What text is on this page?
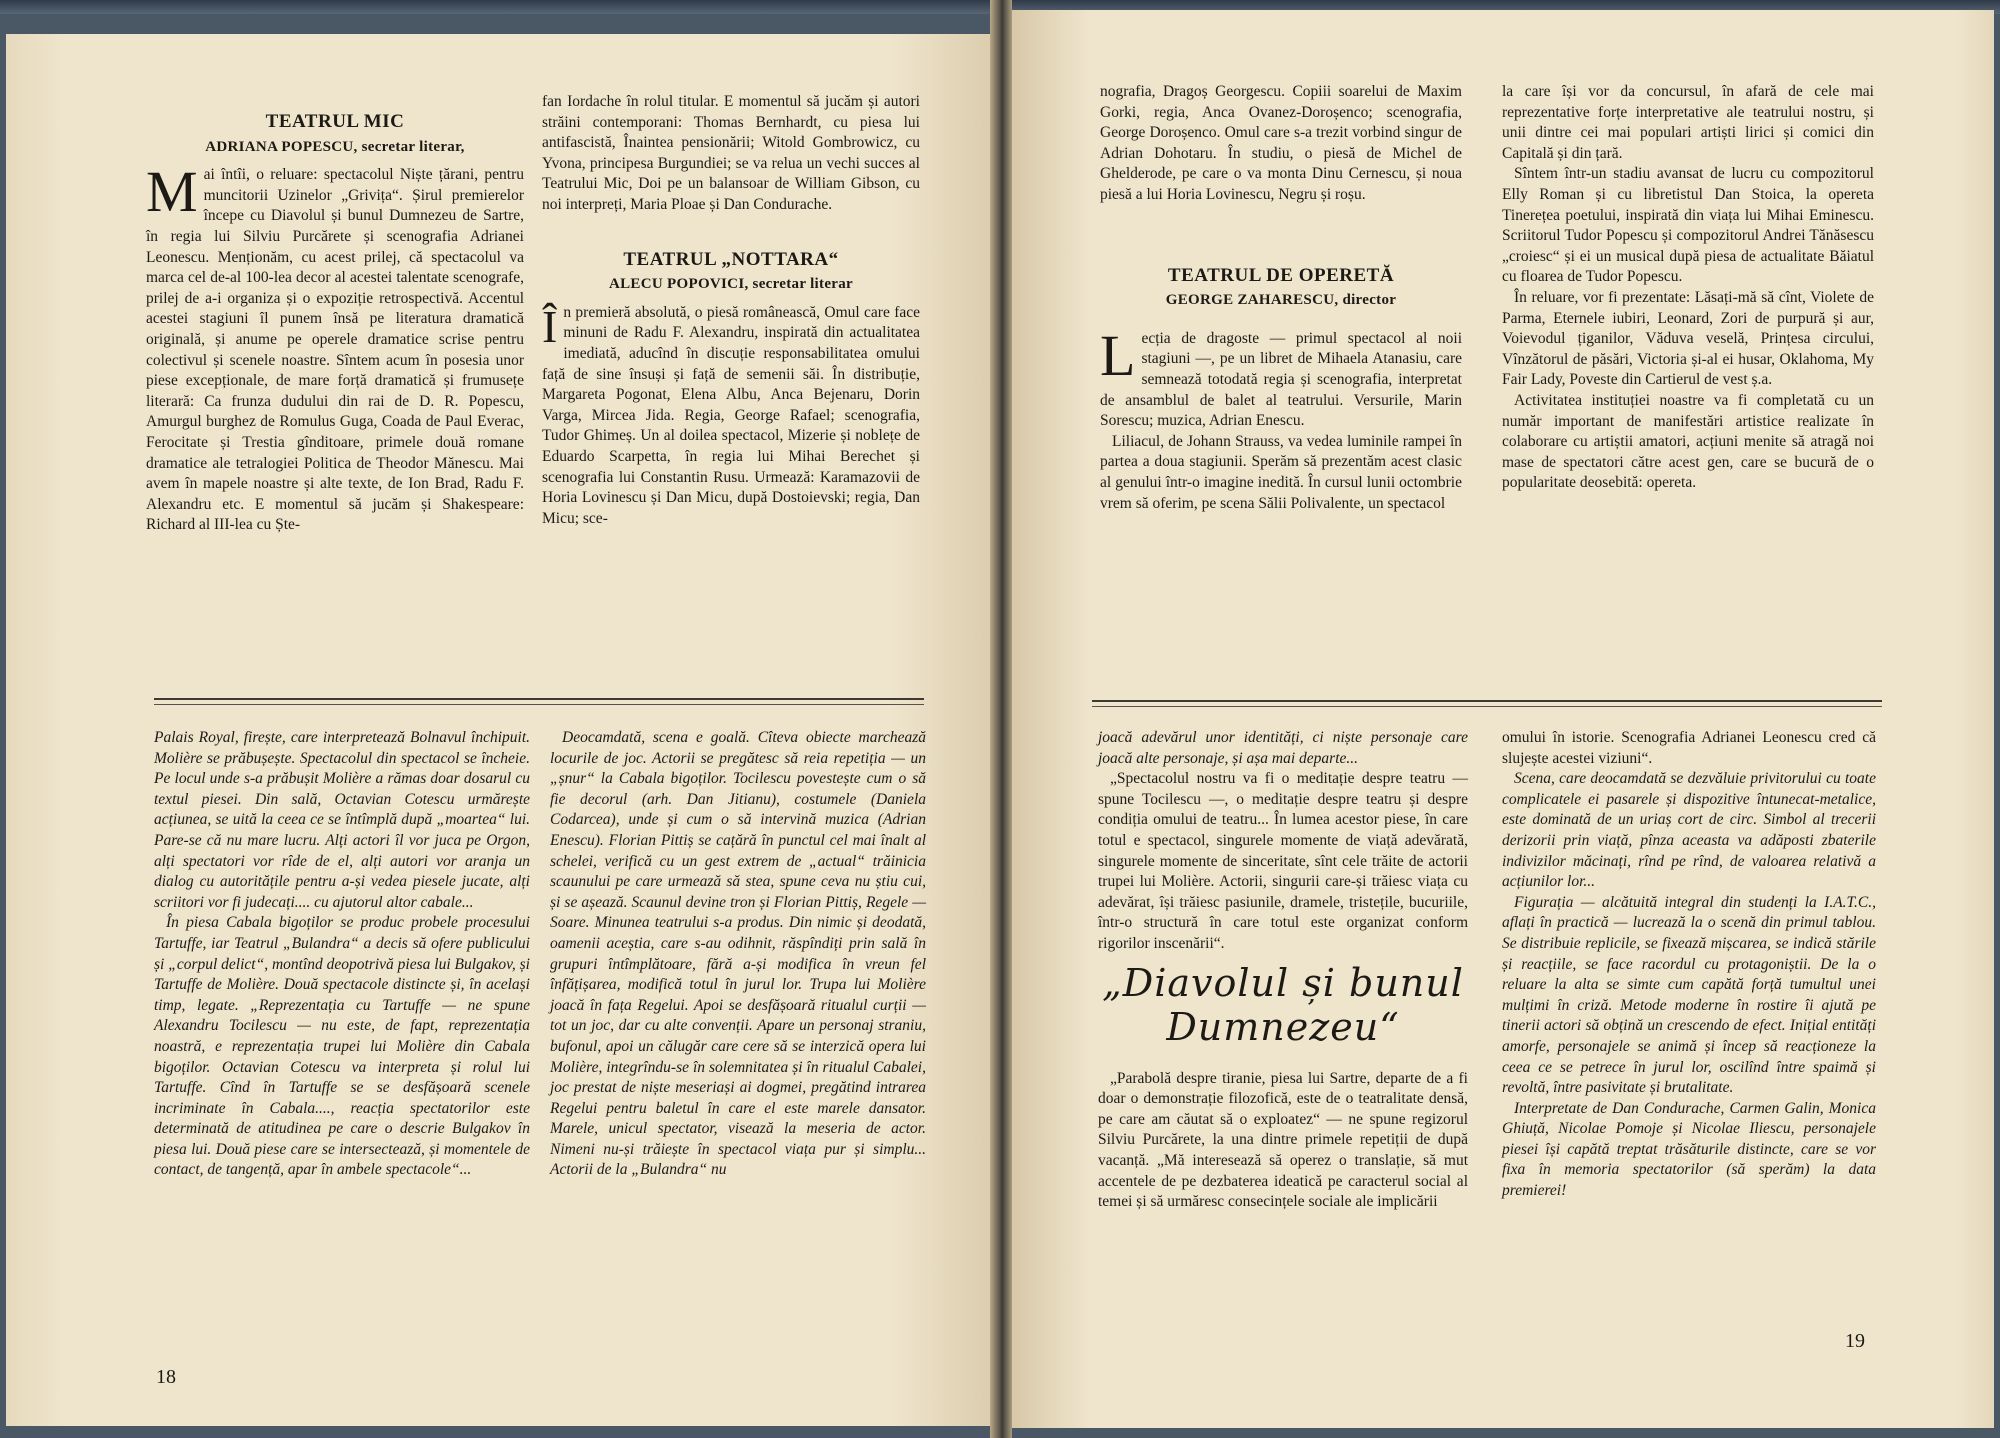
TEATRUL MIC
ADRIANA POPESCU, secretar literar,

Mai întîi, o reluare: spectacolul Niște țărani, pentru muncitorii Uzinelor „Grivița“. Șirul premierelor începe cu Diavolul și bunul Dumnezeu de Sartre, în regia lui Silviu Purcărete și scenografia Adrianei Leonescu. Menționăm, cu acest prilej, că spectacolul va marca cel de-al 100-lea decor al acestei talentate scenografe, prilej de a-i organiza și o expoziție retrospectivă. Accentul acestei stagiuni îl punem însă pe literatura dramatică originală, și anume pe operele dramatice scrise pentru colectivul și scenele noastre. Sîntem acum în posesia unor piese excepționale, de mare forță dramatică și frumusețe literară: Ca frunza dudului din rai de D. R. Popescu, Amurgul burghez de Romulus Guga, Coada de Paul Everac, Ferocitate și Trestia gînditoare, primele două romane dramatice ale tetralogiei Politica de Theodor Mănescu. Mai avem în mapele noastre și alte texte, de Ion Brad, Radu F. Alexandru etc. E momentul să jucăm și Shakespeare: Richard al III-lea cu Ște-

fan Iordache în rolul titular. E momentul să jucăm și autori străini contemporani: Thomas Bernhardt, cu piesa lui antifascistă, Înaintea pensionării; Witold Gombrowicz, cu Yvona, principesa Burgundiei; se va relua un vechi succes al Teatrului Mic, Doi pe un balansoar de William Gibson, cu noi interpreți, Maria Ploae și Dan Condurache.

TEATRUL „NOTTARA“
ALECU POPOVICI, secretar literar

În premieră absolută, o piesă românească, Omul care face minuni de Radu F. Alexandru, inspirată din actualitatea imediată, aducînd în discuție responsabilitatea omului față de sine însuși și față de semenii săi. În distribuție, Margareta Pogonat, Elena Albu, Anca Bejenaru, Dorin Varga, Mircea Jida. Regia, George Rafael; scenografia, Tudor Ghimeș. Un al doilea spectacol, Mizerie și noblețe de Eduardo Scarpetta, în regia lui Mihai Berechet și scenografia lui Constantin Rusu. Urmează: Karamazovii de Horia Lovinescu și Dan Micu, după Dostoievski; regia, Dan Micu; sce-

Palais Royal, firește, care interpretează Bolnavul închipuit. Molière se prăbușește. Spectacolul din spectacol se încheie. Pe locul unde s-a prăbușit Molière a rămas doar dosarul cu textul piesei. Din sală, Octavian Cotescu urmărește acțiunea, se uită la ceea ce se întîmplă după „moartea“ lui. Pare-se că nu mare lucru. Alți actori îl vor juca pe Orgon, alți spectatori vor rîde de el, alți autori vor aranja un dialog cu autoritățile pentru a-și vedea piesele jucate, alți scriitori vor fi judecați.... cu ajutorul altor cabale...

În piesa Cabala bigoților se produc probele procesului Tartuffe, iar Teatrul „Bulandra“ a decis să ofere publicului și „corpul delict“, montînd deopotrivă piesa lui Bulgakov, și Tartuffe de Molière. Două spectacole distincte și, în același timp, legate. „Reprezentația cu Tartuffe — ne spune Alexandru Tocilescu — nu este, de fapt, reprezentația noastră, e reprezentația trupei lui Molière din Cabala bigoților. Octavian Cotescu va interpreta și rolul lui Tartuffe. Cînd în Tartuffe se se desfășoară scenele incriminate în Cabala...., reacția spectatorilor este determinată de atitudinea pe care o descrie Bulgakov în piesa lui. Două piese care se intersectează, și momentele de contact, de tangență, apar în ambele spectacole“...

Deocamdată, scena e goală. Cîteva obiecte marchează locurile de joc. Actorii se pregătesc să reia repetiția — un „șnur“ la Cabala bigoților. Tocilescu povestește cum o să fie decorul (arh. Dan Jitianu), costumele (Daniela Codarcea), unde și cum o să intervină muzica (Adrian Enescu). Florian Pittiș se cațără în punctul cel mai înalt al schelei, verifică cu un gest extrem de „actual“ trăinicia scaunului pe care urmează să stea, spune ceva nu știu cui, și se așează. Scaunul devine tron și Florian Pittiș, Regele — Soare. Minunea teatrului s-a produs. Din nimic și deodată, oamenii aceștia, care s-au odihnit, răspîndiți prin sală în grupuri întîmplătoare, fără a-și modifica în vreun fel înfățișarea, modifică totul în jurul lor. Trupa lui Molière joacă în fața Regelui. Apoi se desfășoară ritualul curții — tot un joc, dar cu alte convenții. Apare un personaj straniu, bufonul, apoi un călugăr care cere să se interzică opera lui Molière, integrîndu-se în solemnitatea și în ritualul Cabalei, joc prestat de niște meseriași ai dogmei, pregătind intrarea Regelui pentru baletul în care el este marele dansator. Marele, unicul spectator, visează la meseria de actor. Nimeni nu-și trăiește în spectacol viața pur și simplu... Actorii de la „Bulandra“ nu

18

nografia, Dragoș Georgescu. Copiii soarelui de Maxim Gorki, regia, Anca Ovanez-Doroșenco; scenografia, George Doroșenco. Omul care s-a trezit vorbind singur de Adrian Dohotaru. În studiu, o piesă de Michel de Ghelderode, pe care o va monta Dinu Cernescu, și noua piesă a lui Horia Lovinescu, Negru și roșu.

TEATRUL DE OPERETĂ
GEORGE ZAHARESCU, director

Lecția de dragoste — primul spectacol al noii stagiuni —, pe un libret de Mihaela Atanasiu, care semnează totodată regia și scenografia, interpretat de ansamblul de balet al teatrului. Versurile, Marin Sorescu; muzica, Adrian Enescu.

Liliacul, de Johann Strauss, va vedea luminile rampei în partea a doua stagiunii. Sperăm să prezentăm acest clasic al genului într-o imagine inedită. În cursul lunii octombrie vrem să oferim, pe scena Sălii Polivalente, un spectacol

la care își vor da concursul, în afară de cele mai reprezentative forțe interpretative ale teatrului nostru, și unii dintre cei mai populari artiști lirici și comici din Capitală și din țară.

Sîntem într-un stadiu avansat de lucru cu compozitorul Elly Roman și cu libretistul Dan Stoica, la opereta Tinerețea poetului, inspirată din viața lui Mihai Eminescu. Scriitorul Tudor Popescu și compozitorul Andrei Tănăsescu „croiesc“ și ei un musical după piesa de actualitate Băiatul cu floarea de Tudor Popescu.

În reluare, vor fi prezentate: Lăsați-mă să cînt, Violete de Parma, Eternele iubiri, Leonard, Zori de purpură și aur, Voievodul țiganilor, Văduva veselă, Prințesa circului, Vînzătorul de păsări, Victoria și-al ei husar, Oklahoma, My Fair Lady, Poveste din Cartierul de vest ș.a.

Activitatea instituției noastre va fi completată cu un număr important de manifestări artistice realizate în colaborare cu artiștii amatori, acțiuni menite să atragă noi mase de spectatori către acest gen, care se bucură de o popularitate deosebită: opereta.

joacă adevărul unor identități, ci niște personaje care joacă alte personaje, și așa mai departe...

„Spectacolul nostru va fi o meditație despre teatru — spune Tocilescu —, o meditație despre teatru și despre condiția omului de teatru... În lumea acestor piese, în care totul e spectacol, singurele momente de viață adevărată, singurele momente de sinceritate, sînt cele trăite de actorii trupei lui Molière. Actorii, singurii care-și trăiesc viața cu adevărat, își trăiesc pasiunile, dramele, tristețile, bucuriile, într-o structură în care totul este organizat conform rigorilor inscenării“.

„Diavolul și bunul Dumnezeu“

„Parabolă despre tiranie, piesa lui Sartre, departe de a fi doar o demonstrație filozofică, este de o teatralitate densă, pe care am căutat să o exploatez“ — ne spune regizorul Silviu Purcărete, la una dintre primele repetiții de după vacanță. „Mă interesează să operez o translație, să mut accentele de pe dezbaterea ideatică pe caracterul social al temei și să urmăresc consecințele sociale ale implicării

omului în istorie. Scenografia Adrianei Leonescu cred că slujește acestei viziuni“.

Scena, care deocamdată se dezvăluie privitorului cu toate complicatele ei pasarele și dispozitive întunecat-metalice, este dominată de un uriaș cort de circ. Simbol al trecerii derizorii prin viață, pînza aceasta va adăposti zbaterile indivizilor măcinați, rînd pe rînd, de valoarea relativă a acțiunilor lor...

Figurația — alcătuită integral din studenți la I.A.T.C., aflați în practică — lucrează la o scenă din primul tablou. Se distribuie replicile, se fixează mișcarea, se indică stările și reacțiile, se face racordul cu protagoniștii. De la o reluare la alta se simte cum capătă forță tumultul unei mulțimi în criză. Metode moderne în rostire îi ajută pe tinerii actori să obțină un crescendo de efect. Inițial entități amorfe, personajele se animă și încep să reacționeze la ceea ce se petrece în jurul lor, oscilînd între spaimă și revoltă, între pasivitate și brutalitate.

Interpretate de Dan Condurache, Carmen Galin, Monica Ghiuță, Nicolae Pomoje și Nicolae Iliescu, personajele piesei își capătă treptat trăsăturile distincte, care se vor fixa în memoria spectatorilor (să sperăm) la data premierei!

19
